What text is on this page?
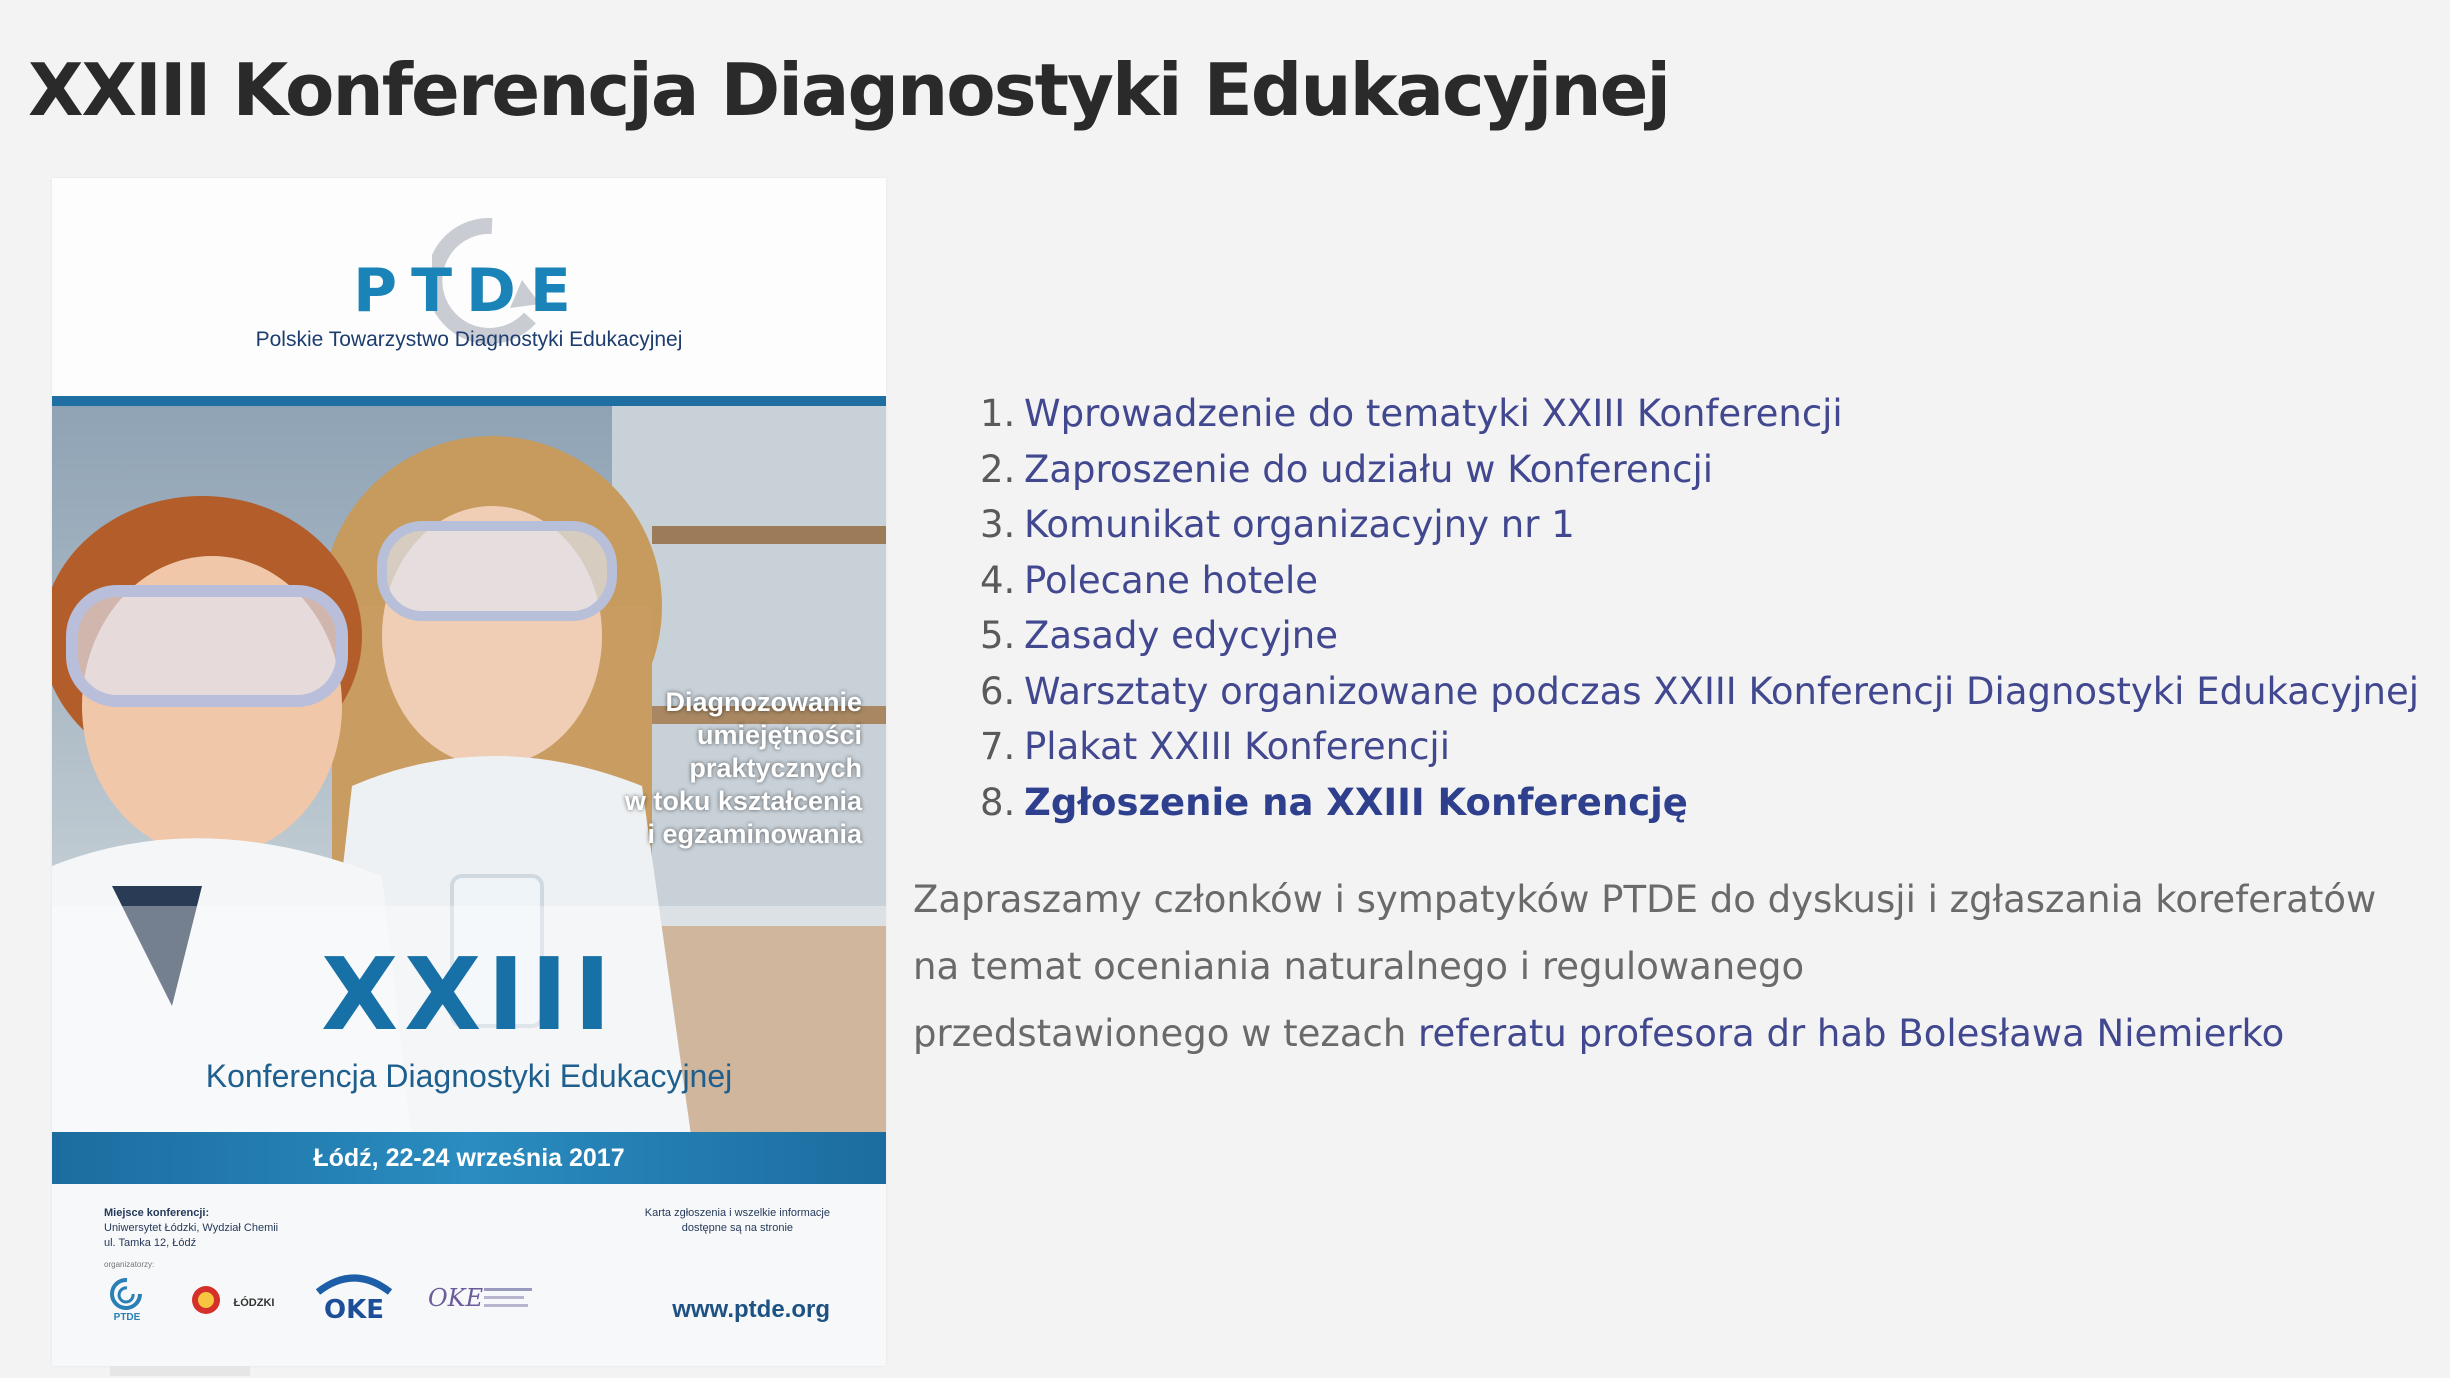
XXIII Konferencja Diagnostyki Edukacyjnej
PTDE
Polskie Towarzystwo Diagnostyki Edukacyjnej
Diagnozowanie
umiejętności
praktycznych
w toku kształcenia
i egzaminowania
XXIII
Konferencja Diagnostyki Edukacyjnej
Łódź, 22-24 września 2017
Miejsce konferencji:
Uniwersytet Łódzki, Wydział Chemii
ul. Tamka 12, Łódź
Karta zgłoszenia i wszelkie informacje
dostępne są na stronie
organizatorzy:
PTDE
ŁÓDZKI OKE OKE	www.ptde.org
1. Wprowadzenie do tematyki XXIII Konferencji
2. Zaproszenie do udziału w Konferencji
3. Komunikat organizacyjny nr 1
4. Polecane hotele
5. Zasady edycyjne
6. Warsztaty organizowane podczas XXIII Konferencji Diagnostyki Edukacyjnej
7. Plakat XXIII Konferencji
8. Zgłoszenie na XXIII Konferencję
Zapraszamy członków i sympatyków PTDE do dyskusji i zgłaszania koreferatów
na temat oceniania naturalnego i regulowanego
przedstawionego w tezach referatu profesora dr hab Bolesława Niemierko
